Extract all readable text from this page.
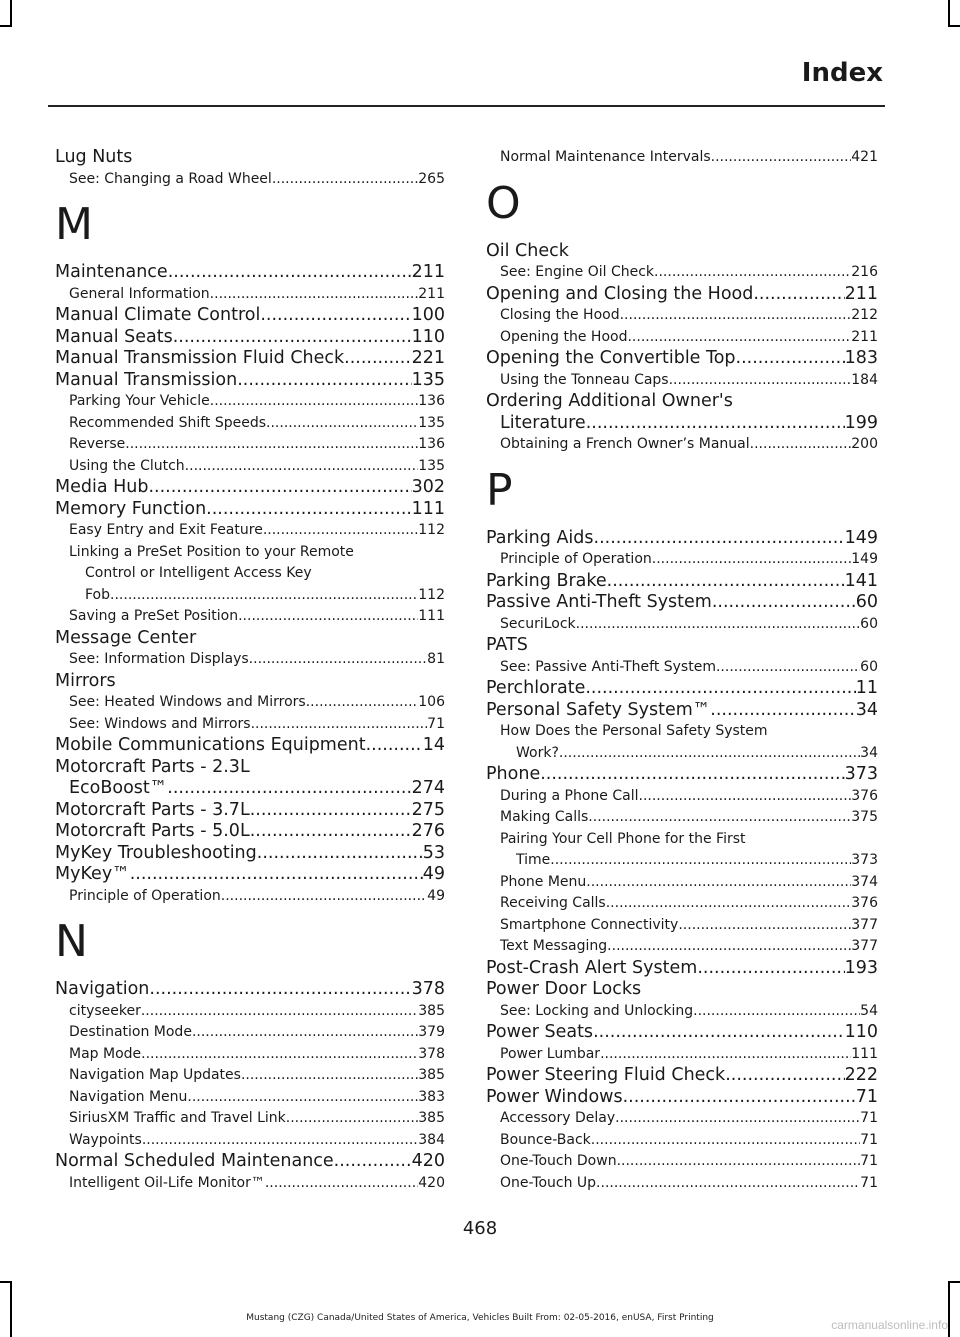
Index
Lug Nuts
See: Changing a Road Wheel .....	265
M
Maintenance .....	211
General Information .....	211
Manual Climate Control .....	100
Manual Seats .....	110
Manual Transmission Fluid Check .....	221
Manual Transmission .....	135
Parking Your Vehicle .....	136
Recommended Shift Speeds .....	135
Reverse .....	136
Using the Clutch .....	135
Media Hub .....	302
Memory Function .....	111
Easy Entry and Exit Feature .....	112
Linking a PreSet Position to your Remote
Control or Intelligent Access Key
Fob .....	112
Saving a PreSet Position .....	111
Message Center
See: Information Displays .....	81
Mirrors
See: Heated Windows and Mirrors .....	106
See: Windows and Mirrors .....	71
Mobile Communications Equipment .....	14
Motorcraft Parts - 2.3L
EcoBoost™ .....	274
Motorcraft Parts - 3.7L .....	275
Motorcraft Parts - 5.0L .....	276
MyKey Troubleshooting .....	53
MyKey™ .....	49
Principle of Operation .....	49
N
Navigation .....	378
cityseeker .....	385
Destination Mode .....	379
Map Mode .....	378
Navigation Map Updates .....	385
Navigation Menu .....	383
SiriusXM Traffic and Travel Link .....	385
Waypoints .....	384
Normal Scheduled Maintenance .....	420
Intelligent Oil-Life Monitor™ .....	420
Normal Maintenance Intervals .....	421
O
Oil Check
See: Engine Oil Check .....	216
Opening and Closing the Hood .....	211
Closing the Hood .....	212
Opening the Hood .....	211
Opening the Convertible Top .....	183
Using the Tonneau Caps .....	184
Ordering Additional Owner's
Literature .....	199
Obtaining a French Owner’s Manual .....	200
P
Parking Aids .....	149
Principle of Operation .....	149
Parking Brake .....	141
Passive Anti-Theft System .....	60
SecuriLock .....	60
PATS
See: Passive Anti-Theft System .....	60
Perchlorate .....	11
Personal Safety System™ .....	34
How Does the Personal Safety System
Work? .....	34
Phone .....	373
During a Phone Call .....	376
Making Calls .....	375
Pairing Your Cell Phone for the First
Time .....	373
Phone Menu .....	374
Receiving Calls .....	376
Smartphone Connectivity .....	377
Text Messaging .....	377
Post-Crash Alert System .....	193
Power Door Locks
See: Locking and Unlocking .....	54
Power Seats .....	110
Power Lumbar .....	111
Power Steering Fluid Check .....	222
Power Windows .....	71
Accessory Delay .....	71
Bounce-Back .....	71
One-Touch Down .....	71
One-Touch Up .....	71
468
Mustang (CZG) Canada/United States of America, Vehicles Built From: 02-05-2016, enUSA, First Printing	carmanualsonline.info
